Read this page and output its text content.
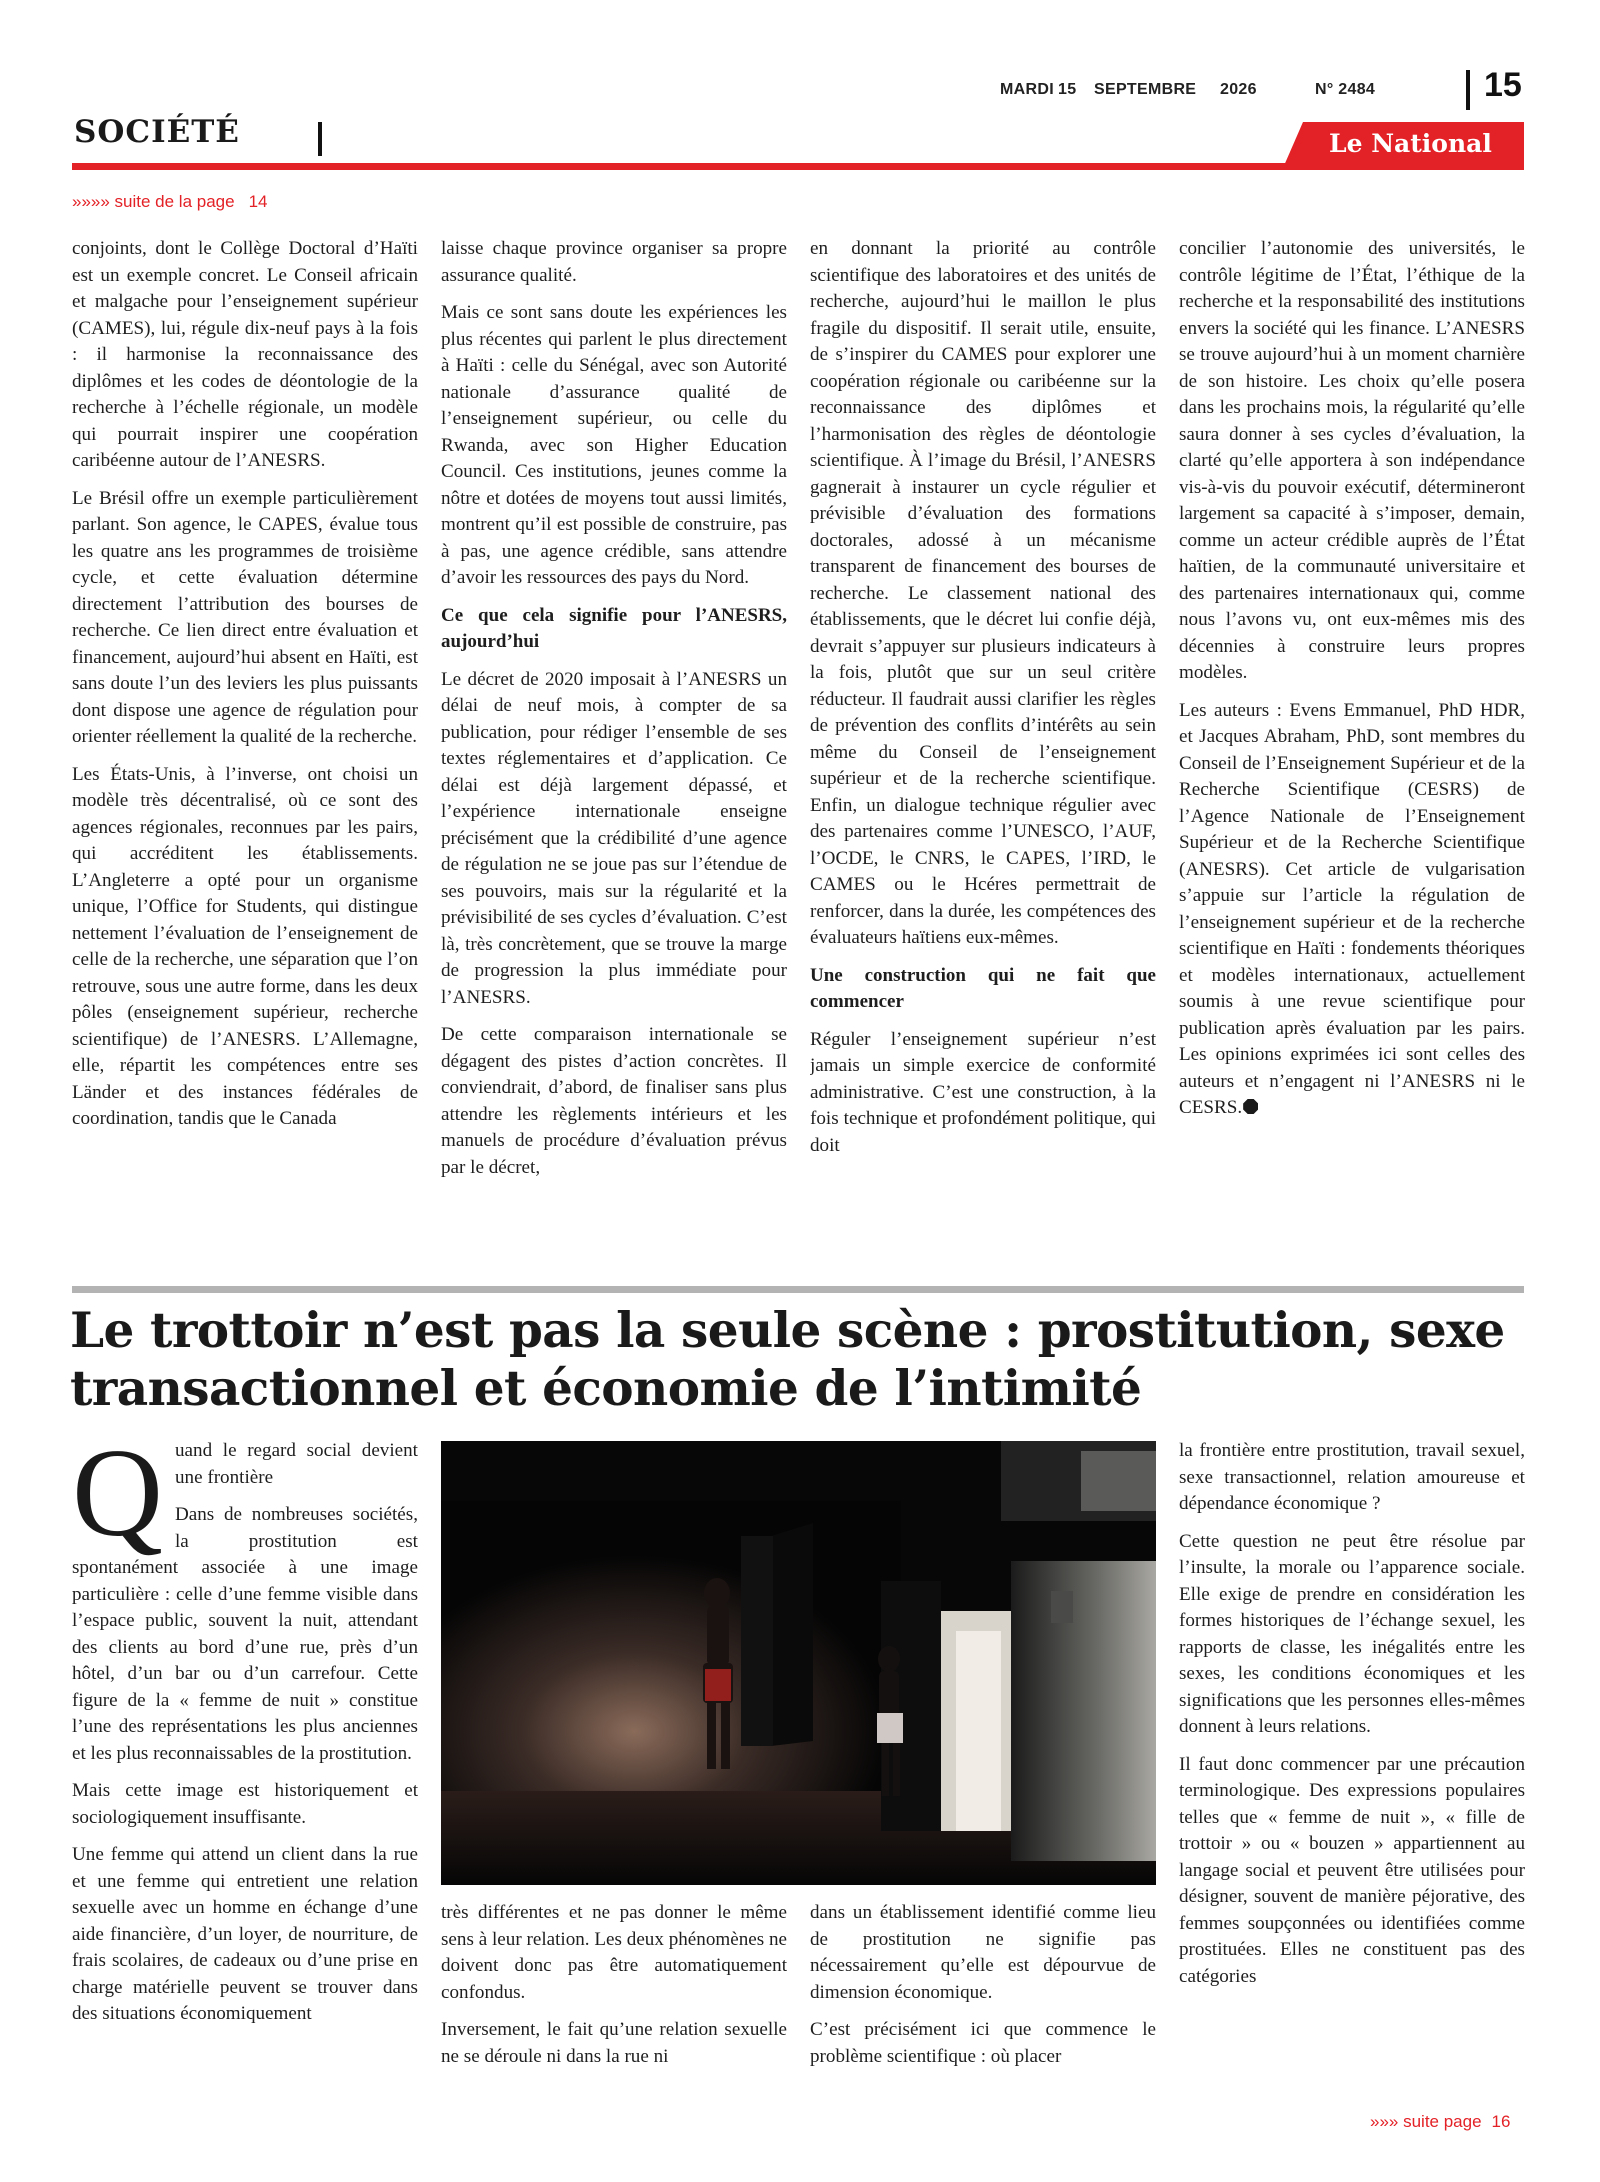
MARDI 15	SEPTEMBRE	2026	N° 2484	15
SOCIÉTÉ	Le National
»»»» suite de la page 14

conjoints, dont le Collège Doctoral d’Haïti est un exemple concret. Le Conseil africain et malgache pour l’enseignement supérieur (CAMES), lui, régule dix-neuf pays à la fois : il harmonise la reconnaissance des diplômes et les codes de déontologie de la recherche à l’échelle régionale, un modèle qui pourrait inspirer une coopération caribéenne autour de l’ANESRS.

Le Brésil offre un exemple particulièrement parlant. Son agence, le CAPES, évalue tous les quatre ans les programmes de troisième cycle, et cette évaluation détermine directement l’attribution des bourses de recherche. Ce lien direct entre évaluation et financement, aujourd’hui absent en Haïti, est sans doute l’un des leviers les plus puissants dont dispose une agence de régulation pour orienter réellement la qualité de la recherche.

Les États-Unis, à l’inverse, ont choisi un modèle très décentralisé, où ce sont des agences régionales, reconnues par les pairs, qui accréditent les établissements. L’Angleterre a opté pour un organisme unique, l’Office for Students, qui distingue nettement l’évaluation de l’enseignement de celle de la recherche, une séparation que l’on retrouve, sous une autre forme, dans les deux pôles (enseignement supérieur, recherche scientifique) de l’ANESRS. L’Allemagne, elle, répartit les compétences entre ses Länder et des instances fédérales de coordination, tandis que le Canada

laisse chaque province organiser sa propre assurance qualité.

Mais ce sont sans doute les expériences les plus récentes qui parlent le plus directement à Haïti : celle du Sénégal, avec son Autorité nationale d’assurance qualité de l’enseignement supérieur, ou celle du Rwanda, avec son Higher Education Council. Ces institutions, jeunes comme la nôtre et dotées de moyens tout aussi limités, montrent qu’il est possible de construire, pas à pas, une agence crédible, sans attendre d’avoir les ressources des pays du Nord.

Ce que cela signifie pour l’ANESRS, aujourd’hui

Le décret de 2020 imposait à l’ANESRS un délai de neuf mois, à compter de sa publication, pour rédiger l’ensemble de ses textes réglementaires et d’application. Ce délai est déjà largement dépassé, et l’expérience internationale enseigne précisément que la crédibilité d’une agence de régulation ne se joue pas sur l’étendue de ses pouvoirs, mais sur la régularité et la prévisibilité de ses cycles d’évaluation. C’est là, très concrètement, que se trouve la marge de progression la plus immédiate pour l’ANESRS.

De cette comparaison internationale se dégagent des pistes d’action concrètes. Il conviendrait, d’abord, de finaliser sans plus attendre les règlements intérieurs et les manuels de procédure d’évaluation prévus par le décret,

en donnant la priorité au contrôle scientifique des laboratoires et des unités de recherche, aujourd’hui le maillon le plus fragile du dispositif. Il serait utile, ensuite, de s’inspirer du CAMES pour explorer une coopération régionale ou caribéenne sur la reconnaissance des diplômes et l’harmonisation des règles de déontologie scientifique. À l’image du Brésil, l’ANESRS gagnerait à instaurer un cycle régulier et prévisible d’évaluation des formations doctorales, adossé à un mécanisme transparent de financement des bourses de recherche. Le classement national des établissements, que le décret lui confie déjà, devrait s’appuyer sur plusieurs indicateurs à la fois, plutôt que sur un seul critère réducteur. Il faudrait aussi clarifier les règles de prévention des conflits d’intérêts au sein même du Conseil de l’enseignement supérieur et de la recherche scientifique. Enfin, un dialogue technique régulier avec des partenaires comme l’UNESCO, l’AUF, l’OCDE, le CNRS, le CAPES, l’IRD, le CAMES ou le Hcéres permettrait de renforcer, dans la durée, les compétences des évaluateurs haïtiens eux-mêmes.

Une construction qui ne fait que commencer

Réguler l’enseignement supérieur n’est jamais un simple exercice de conformité administrative. C’est une construction, à la fois technique et profondément politique, qui doit

concilier l’autonomie des universités, le contrôle légitime de l’État, l’éthique de la recherche et la responsabilité des institutions envers la société qui les finance. L’ANESRS se trouve aujourd’hui à un moment charnière de son histoire. Les choix qu’elle posera dans les prochains mois, la régularité qu’elle saura donner à ses cycles d’évaluation, la clarté qu’elle apportera à son indépendance vis-à-vis du pouvoir exécutif, détermineront largement sa capacité à s’imposer, demain, comme un acteur crédible auprès de l’État haïtien, de la communauté universitaire et des partenaires internationaux qui, comme nous l’avons vu, ont eux-mêmes mis des décennies à construire leurs propres modèles.

Les auteurs : Evens Emmanuel, PhD HDR, et Jacques Abraham, PhD, sont membres du Conseil de l’Enseignement Supérieur et de la Recherche Scientifique (CESRS) de l’Agence Nationale de l’Enseignement Supérieur et de la Recherche Scientifique (ANESRS). Cet article de vulgarisation s’appuie sur l’article la régulation de l’enseignement supérieur et de la recherche scientifique en Haïti : fondements théoriques et modèles internationaux, actuellement soumis à une revue scientifique pour publication après évaluation par les pairs. Les opinions exprimées ici sont celles des auteurs et n’engagent ni l’ANESRS ni le CESRS.

Le trottoir n’est pas la seule scène : prostitution, sexe transactionnel et économie de l’intimité
Q uand le regard social devient une frontière

Dans de nombreuses sociétés, la prostitution est spontanément associée à une image particulière : celle d’une femme visible dans l’espace public, souvent la nuit, attendant des clients au bord d’une rue, près d’un hôtel, d’un bar ou d’un carrefour. Cette figure de la « femme de nuit » constitue l’une des représentations les plus anciennes et les plus reconnaissables de la prostitution.

Mais cette image est historiquement et sociologiquement insuffisante.

Une femme qui attend un client dans la rue et une femme qui entretient une relation sexuelle avec un homme en échange d’une aide financière, d’un loyer, de nourriture, de frais scolaires, de cadeaux ou d’une prise en charge matérielle peuvent se trouver dans des situations économiquement

très différentes et ne pas donner le même sens à leur relation. Les deux phénomènes ne doivent donc pas être automatiquement confondus.

Inversement, le fait qu’une relation sexuelle ne se déroule ni dans la rue ni

dans un établissement identifié comme lieu de prostitution ne signifie pas nécessairement qu’elle est dépourvue de dimension économique.

C’est précisément ici que commence le problème scientifique : où placer

la frontière entre prostitution, travail sexuel, sexe transactionnel, relation amoureuse et dépendance économique ?

Cette question ne peut être résolue par l’insulte, la morale ou l’apparence sociale. Elle exige de prendre en considération les formes historiques de l’échange sexuel, les rapports de classe, les inégalités entre les sexes, les conditions économiques et les significations que les personnes elles-mêmes donnent à leurs relations.

Il faut donc commencer par une précaution terminologique. Des expressions populaires telles que « femme de nuit », « fille de trottoir » ou « bouzen » appartiennent au langage social et peuvent être utilisées pour désigner, souvent de manière péjorative, des femmes soupçonnées ou identifiées comme prostituées. Elles ne constituent pas des catégories

»»» suite page 16
